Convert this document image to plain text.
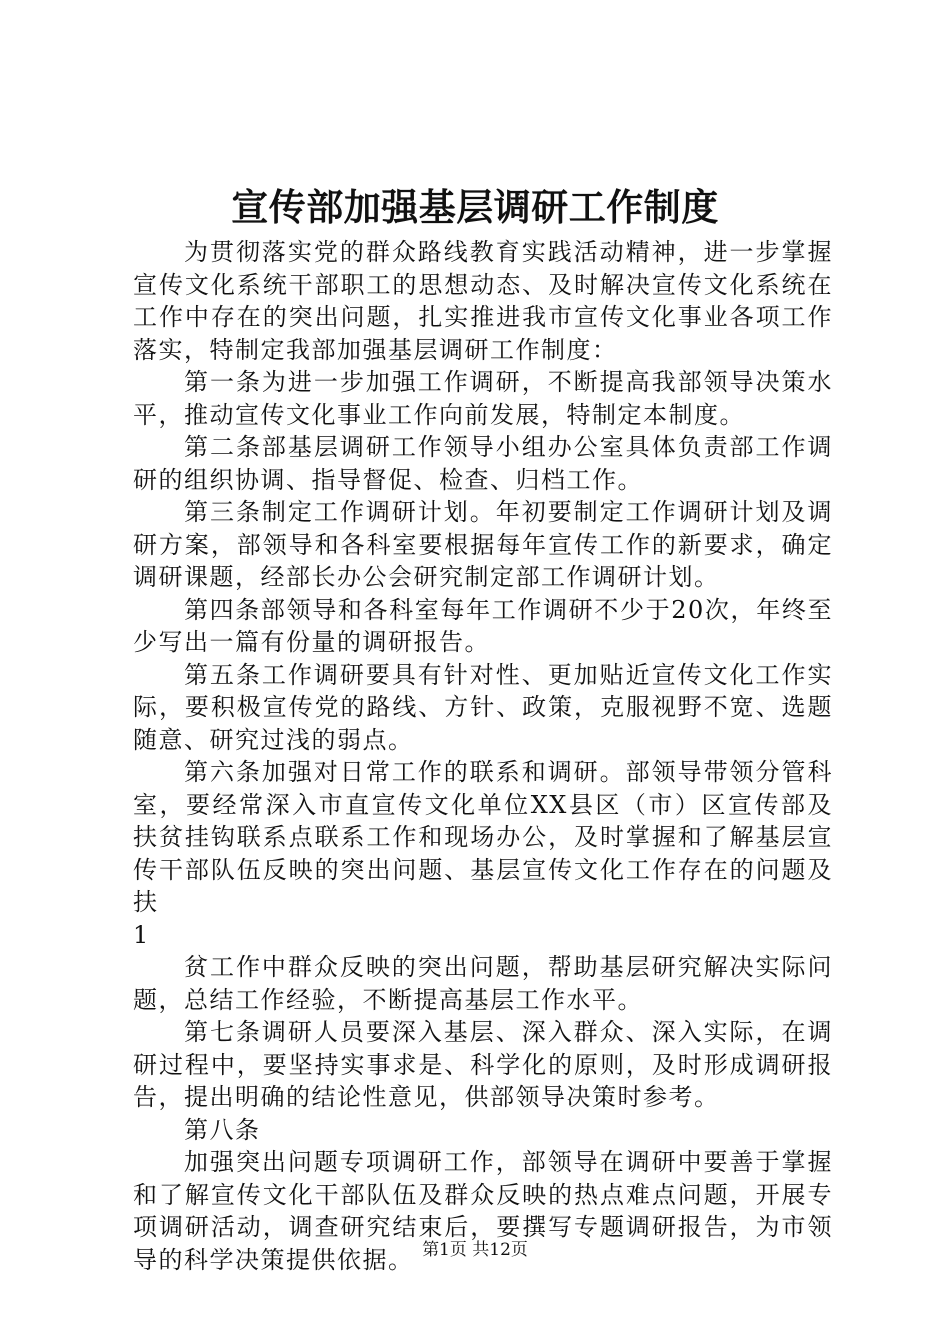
宣传部加强基层调研工作制度

为贯彻落实党的群众路线教育实践活动精神，进一步掌握宣传文化系统干部职工的思想动态、及时解决宣传文化系统在工作中存在的突出问题，扎实推进我市宣传文化事业各项工作落实，特制定我部加强基层调研工作制度：

第一条为进一步加强工作调研，不断提高我部领导决策水平，推动宣传文化事业工作向前发展，特制定本制度。

第二条部基层调研工作领导小组办公室具体负责部工作调研的组织协调、指导督促、检查、归档工作。

第三条制定工作调研计划。年初要制定工作调研计划及调研方案，部领导和各科室要根据每年宣传工作的新要求，确定调研课题，经部长办公会研究制定部工作调研计划。

第四条部领导和各科室每年工作调研不少于20次，年终至少写出一篇有份量的调研报告。

第五条工作调研要具有针对性、更加贴近宣传文化工作实际，要积极宣传党的路线、方针、政策，克服视野不宽、选题随意、研究过浅的弱点。

第六条加强对日常工作的联系和调研。部领导带领分管科室，要经常深入市直宣传文化单位XX县区（市）区宣传部及扶贫挂钩联系点联系工作和现场办公，及时掌握和了解基层宣传干部队伍反映的突出问题、基层宣传文化工作存在的问题及扶

1

贫工作中群众反映的突出问题，帮助基层研究解决实际问题，总结工作经验，不断提高基层工作水平。

第七条调研人员要深入基层、深入群众、深入实际，在调研过程中，要坚持实事求是、科学化的原则，及时形成调研报告，提出明确的结论性意见，供部领导决策时参考。

第八条

加强突出问题专项调研工作，部领导在调研中要善于掌握和了解宣传文化干部队伍及群众反映的热点难点问题，开展专项调研活动，调查研究结束后，要撰写专题调研报告，为市领导的科学决策提供依据。 第1页 共12页
